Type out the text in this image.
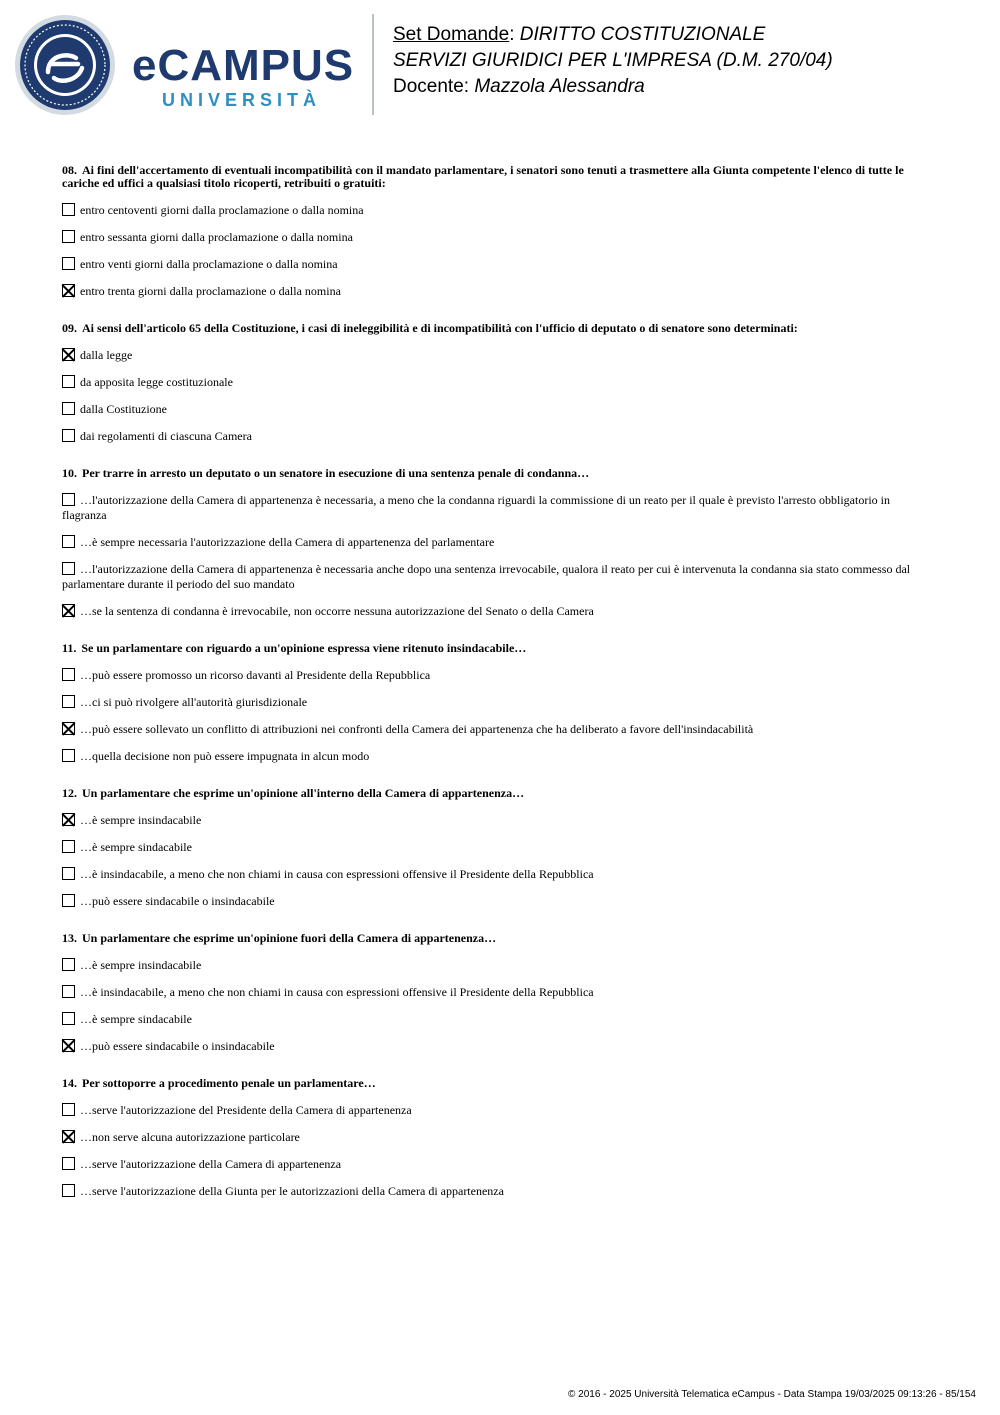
eCAMPUS
UNIVERSITÀ
Set Domande: DIRITTO COSTITUZIONALE
SERVIZI GIURIDICI PER L'IMPRESA (D.M. 270/04)
Docente: Mazzola Alessandra
08. Ai fini dell'accertamento di eventuali incompatibilità con il mandato parlamentare, i senatori sono tenuti a trasmettere alla Giunta competente l'elenco di tutte le cariche ed uffici a qualsiasi titolo ricoperti, retribuiti o gratuiti:
entro centoventi giorni dalla proclamazione o dalla nomina
entro sessanta giorni dalla proclamazione o dalla nomina
entro venti giorni dalla proclamazione o dalla nomina
entro trenta giorni dalla proclamazione o dalla nomina
09. Ai sensi dell'articolo 65 della Costituzione, i casi di ineleggibilità e di incompatibilità con l'ufficio di deputato o di senatore sono determinati:
dalla legge
da apposita legge costituzionale
dalla Costituzione
dai regolamenti di ciascuna Camera
10. Per trarre in arresto un deputato o un senatore in esecuzione di una sentenza penale di condanna…
…l'autorizzazione della Camera di appartenenza è necessaria, a meno che la condanna riguardi la commissione di un reato per il quale è previsto l'arresto obbligatorio in flagranza
…è sempre necessaria l'autorizzazione della Camera di appartenenza del parlamentare
…l'autorizzazione della Camera di appartenenza è necessaria anche dopo una sentenza irrevocabile, qualora il reato per cui è intervenuta la condanna sia stato commesso dal parlamentare durante il periodo del suo mandato
…se la sentenza di condanna è irrevocabile, non occorre nessuna autorizzazione del Senato o della Camera
11. Se un parlamentare con riguardo a un'opinione espressa viene ritenuto insindacabile…
…può essere promosso un ricorso davanti al Presidente della Repubblica
…ci si può rivolgere all'autorità giurisdizionale
…può essere sollevato un conflitto di attribuzioni nei confronti della Camera dei appartenenza che ha deliberato a favore dell'insindacabilità
…quella decisione non può essere impugnata in alcun modo
12. Un parlamentare che esprime un'opinione all'interno della Camera di appartenenza…
…è sempre insindacabile
…è sempre sindacabile
…è insindacabile, a meno che non chiami in causa con espressioni offensive il Presidente della Repubblica
…può essere sindacabile o insindacabile
13. Un parlamentare che esprime un'opinione fuori della Camera di appartenenza…
…è sempre insindacabile
…è insindacabile, a meno che non chiami in causa con espressioni offensive il Presidente della Repubblica
…è sempre sindacabile
…può essere sindacabile o insindacabile
14. Per sottoporre a procedimento penale un parlamentare…
…serve l'autorizzazione del Presidente della Camera di appartenenza
…non serve alcuna autorizzazione particolare
…serve l'autorizzazione della Camera di appartenenza
…serve l'autorizzazione della Giunta per le autorizzazioni della Camera di appartenenza
© 2016 - 2025 Università Telematica eCampus - Data Stampa 19/03/2025 09:13:26 - 85/154
